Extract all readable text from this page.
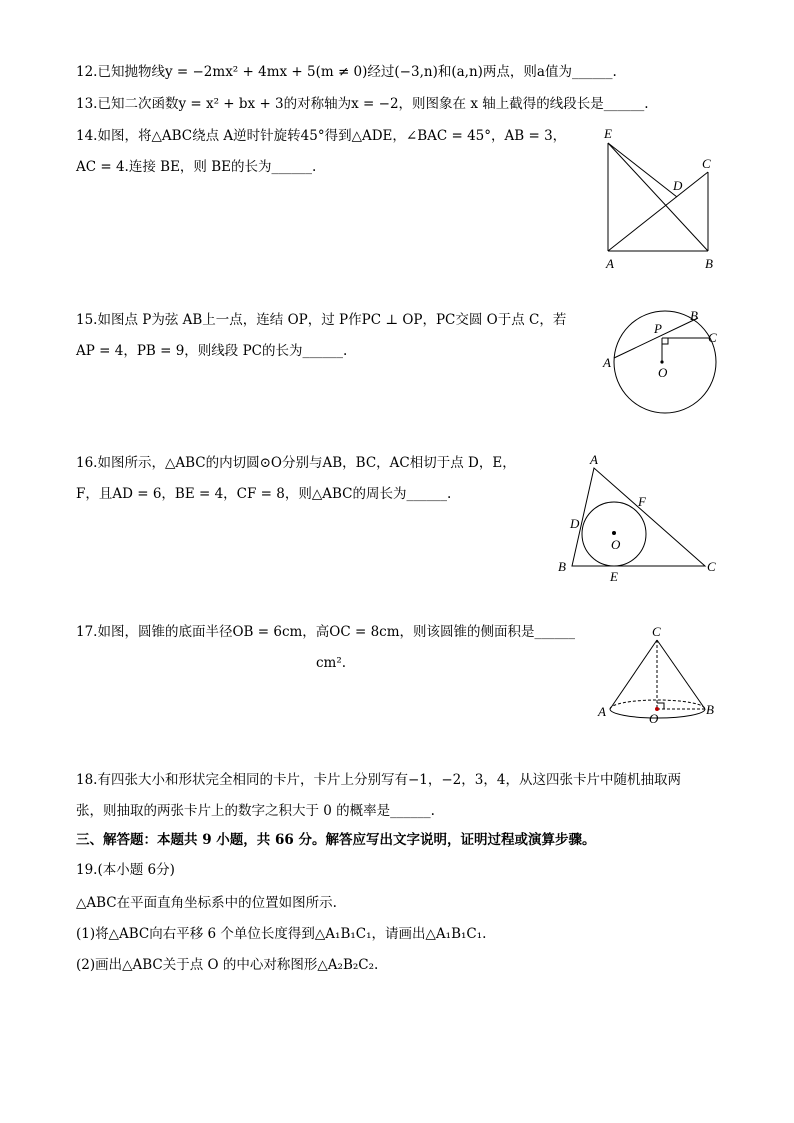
12.已知抛物线y = −2mx² + 4mx + 5(m ≠ 0)经过(−3,n)和(a,n)两点，则a值为______.
13.已知二次函数y = x² + bx + 3的对称轴为x = −2，则图象在 x 轴上截得的线段长是______.
14.如图，将△ABC绕点 A逆时针旋转45°得到△ADE，∠BAC = 45°，AB = 3，
AC = 4.连接 BE，则 BE的长为______.
E
C
D
A	B
15.如图点 P为弦 AB上一点，连结 OP，过 P作PC ⊥ OP，PC交圆 O于点 C，若
AP = 4，PB = 9，则线段 PC的长为______.
P
B
C
A
O
16.如图所示，△ABC的内切圆⊙O分别与AB，BC，AC相切于点 D，E，
F，且AD = 6，BE = 4，CF = 8，则△ABC的周长为______.
A
F
D
O
B
E
C
17.如图，圆锥的底面半径OB = 6cm，高OC = 8cm，则该圆锥的侧面积是______
cm².
C
A	O
B
18.有四张大小和形状完全相同的卡片，卡片上分别写有−1，−2，3，4，从这四张卡片中随机抽取两
张，则抽取的两张卡片上的数字之积大于 0 的概率是______.
三、解答题：本题共 9 小题，共 66 分。解答应写出文字说明，证明过程或演算步骤。
19.(本小题 6分)
△ABC在平面直角坐标系中的位置如图所示.
(1)将△ABC向右平移 6 个单位长度得到△A₁B₁C₁，请画出△A₁B₁C₁.
(2)画出△ABC关于点 O 的中心对称图形△A₂B₂C₂.
